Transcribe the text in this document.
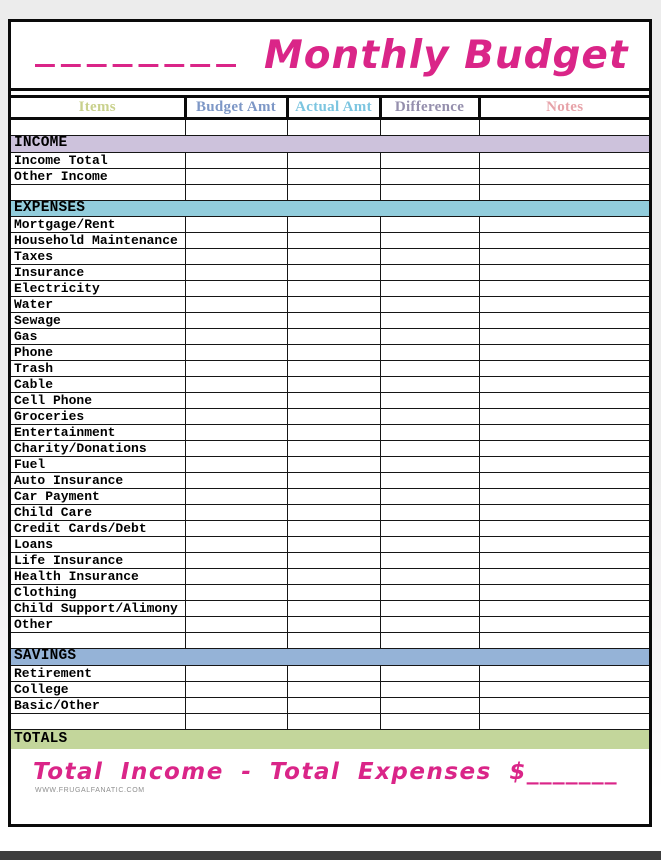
________ Monthly Budget
Items	Budget Amt	Actual Amt	Difference	Notes

INCOME				
Income Total				
Other Income				

EXPENSES				
Mortgage/Rent				
Household Maintenance				
Taxes				
Insurance				
Electricity				
Water				
Sewage				
Gas				
Phone				
Trash				
Cable				
Cell Phone				
Groceries				
Entertainment				
Charity/Donations				
Fuel				
Auto Insurance				
Car Payment				
Child Care				
Credit Cards/Debt				
Loans				
Life Insurance				
Health Insurance				
Clothing				
Child Support/Alimony				
Other				

SAVINGS				
Retirement				
College				
Basic/Other				

TOTALS				
Total Income - Total Expenses $_______
WWW.FRUGALFANATIC.COM
